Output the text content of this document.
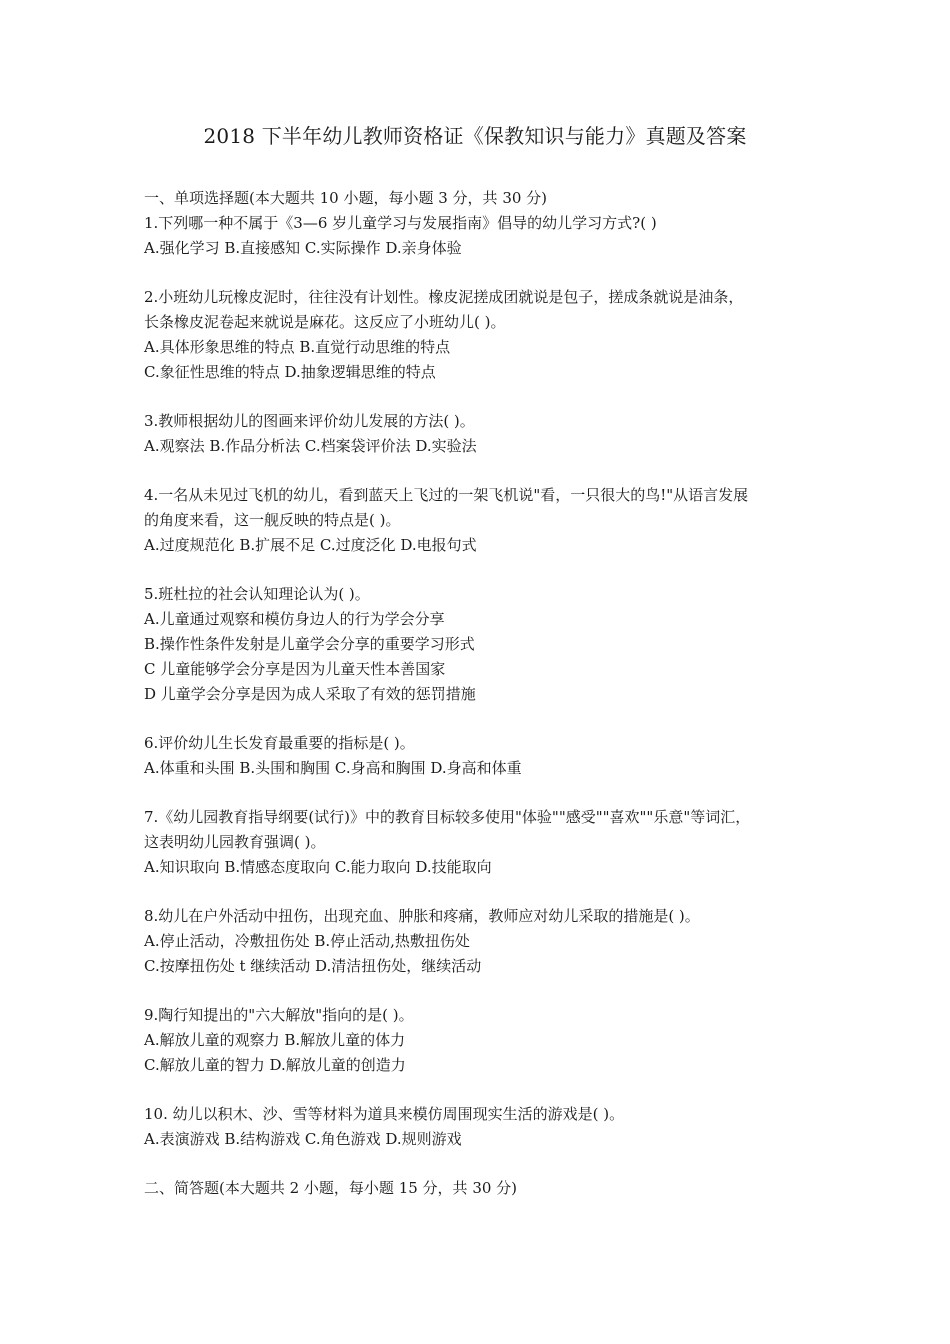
2018 下半年幼儿教师资格证《保教知识与能力》真题及答案
一、单项选择题(本大题共 10 小题，每小题 3 分，共 30 分)
1.下列哪一种不属于《3—6 岁儿童学习与发展指南》倡导的幼儿学习方式?( )
A.强化学习 B.直接感知 C.实际操作 D.亲身体验
2.小班幼儿玩橡皮泥时，往往没有计划性。橡皮泥搓成团就说是包子，搓成条就说是油条，
长条橡皮泥卷起来就说是麻花。这反应了小班幼儿( )。
A.具体形象思维的特点 B.直觉行动思维的特点
C.象征性思维的特点 D.抽象逻辑思维的特点
3.教师根据幼儿的图画来评价幼儿发展的方法( )。
A.观察法 B.作品分析法 C.档案袋评价法 D.实验法
4.一名从未见过飞机的幼儿，看到蓝天上飞过的一架飞机说"看，一只很大的鸟!"从语言发展
的角度来看，这一舰反映的特点是( )。
A.过度规范化 B.扩展不足 C.过度泛化 D.电报句式
5.班杜拉的社会认知理论认为( )。
A.儿童通过观察和模仿身边人的行为学会分享
B.操作性条件发射是儿童学会分享的重要学习形式
C 儿童能够学会分享是因为儿童天性本善国家
D 儿童学会分享是因为成人采取了有效的惩罚措施
6.评价幼儿生长发育最重要的指标是( )。
A.体重和头围 B.头围和胸围 C.身高和胸围 D.身高和体重
7.《幼儿园教育指导纲要(试行)》中的教育目标较多使用"体验""感受""喜欢""乐意"等词汇，
这表明幼儿园教育强调( )。
A.知识取向 B.情感态度取向 C.能力取向 D.技能取向
8.幼儿在户外活动中扭伤，出现充血、肿胀和疼痛，教师应对幼儿采取的措施是( )。
A.停止活动，冷敷扭伤处 B.停止活动,热敷扭伤处
C.按摩扭伤处 t 继续活动 D.清洁扭伤处，继续活动
9.陶行知提出的"六大解放"指向的是( )。
A.解放儿童的观察力 B.解放儿童的体力
C.解放儿童的智力 D.解放儿童的创造力
10. 幼儿以积木、沙、雪等材料为道具来模仿周围现实生活的游戏是( )。
A.表演游戏 B.结构游戏 C.角色游戏 D.规则游戏
二、简答题(本大题共 2 小题，每小题 15 分，共 30 分)
